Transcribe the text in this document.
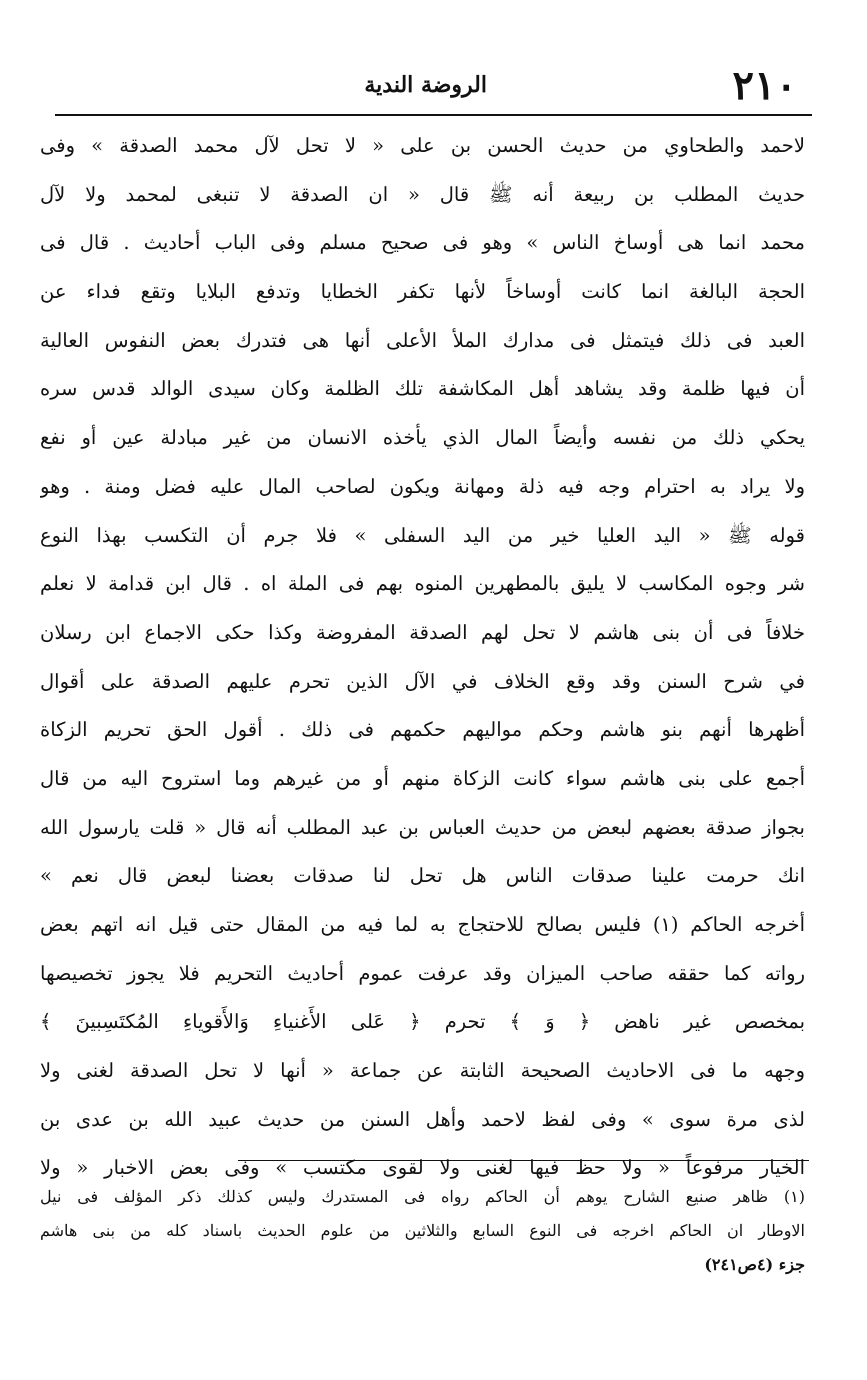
٢١٠
الروضة الندية
لاحمد والطحاوي من حديث الحسن بن على « لا تحل لآل محمد الصدقة » وفى
حديث المطلب بن ربيعة أنه ﷺ قال « ان الصدقة لا تنبغى لمحمد ولا لآل
محمد انما هى أوساخ الناس » وهو فى صحيح مسلم وفى الباب أحاديث . قال فى
الحجة البالغة انما كانت أوساخاً لأنها تكفر الخطايا وتدفع البلايا وتقع فداء عن
العبد فى ذلك فيتمثل فى مدارك الملأ الأعلى أنها هى فتدرك بعض النفوس العالية
أن فيها ظلمة وقد يشاهد أهل المكاشفة تلك الظلمة وكان سيدى الوالد قدس سره
يحكي ذلك من نفسه وأيضاً المال الذي يأخذه الانسان من غير مبادلة عين أو نفع
ولا يراد به احترام وجه فيه ذلة ومهانة ويكون لصاحب المال عليه فضل ومنة . وهو
قوله ﷺ « اليد العليا خير من اليد السفلى » فلا جرم أن التكسب بهذا النوع
شر وجوه المكاسب لا يليق بالمطهرين المنوه بهم فى الملة اه . قال ابن قدامة لا نعلم
خلافاً فى أن بنى هاشم لا تحل لهم الصدقة المفروضة وكذا حكى الاجماع ابن رسلان
في شرح السنن وقد وقع الخلاف في الآل الذين تحرم عليهم الصدقة على أقوال
أظهرها أنهم بنو هاشم وحكم مواليهم حكمهم فى ذلك . أقول الحق تحريم الزكاة
أجمع على بنى هاشم سواء كانت الزكاة منهم أو من غيرهم وما استروح اليه من قال
بجواز صدقة بعضهم لبعض من حديث العباس بن عبد المطلب أنه قال « قلت يارسول الله
انك حرمت علينا صدقات الناس هل تحل لنا صدقات بعضنا لبعض قال نعم »
أخرجه الحاكم (١) فليس بصالح للاحتجاج به لما فيه من المقال حتى قيل انه اتهم بعض
رواته كما حققه صاحب الميزان وقد عرفت عموم أحاديث التحريم فلا يجوز تخصيصها
بمخصص غير ناهض ﴿ وَ ﴾ تحرم ﴿ عَلى الأَغنياءِ وَالأَقوياءِ المُكتَسِبينَ ﴾
وجهه ما فى الاحاديث الصحيحة الثابتة عن جماعة « أنها لا تحل الصدقة لغنى ولا
لذى مرة سوى » وفى لفظ لاحمد وأهل السنن من حديث عبيد الله بن عدى بن
الخيار مرفوعاً « ولا حظ فيها لغنى ولا لقوى مكتسب » وفى بعض الاخبار « ولا
(١) ظاهر صنيع الشارح يوهم أن الحاكم رواه فى المستدرك وليس كذلك ذكر المؤلف فى نيل
الاوطار ان الحاكم اخرجه فى النوع السابع والثلاثين من علوم الحديث باسناد كله من بنى هاشم
جزء (٤ص٢٤١)
